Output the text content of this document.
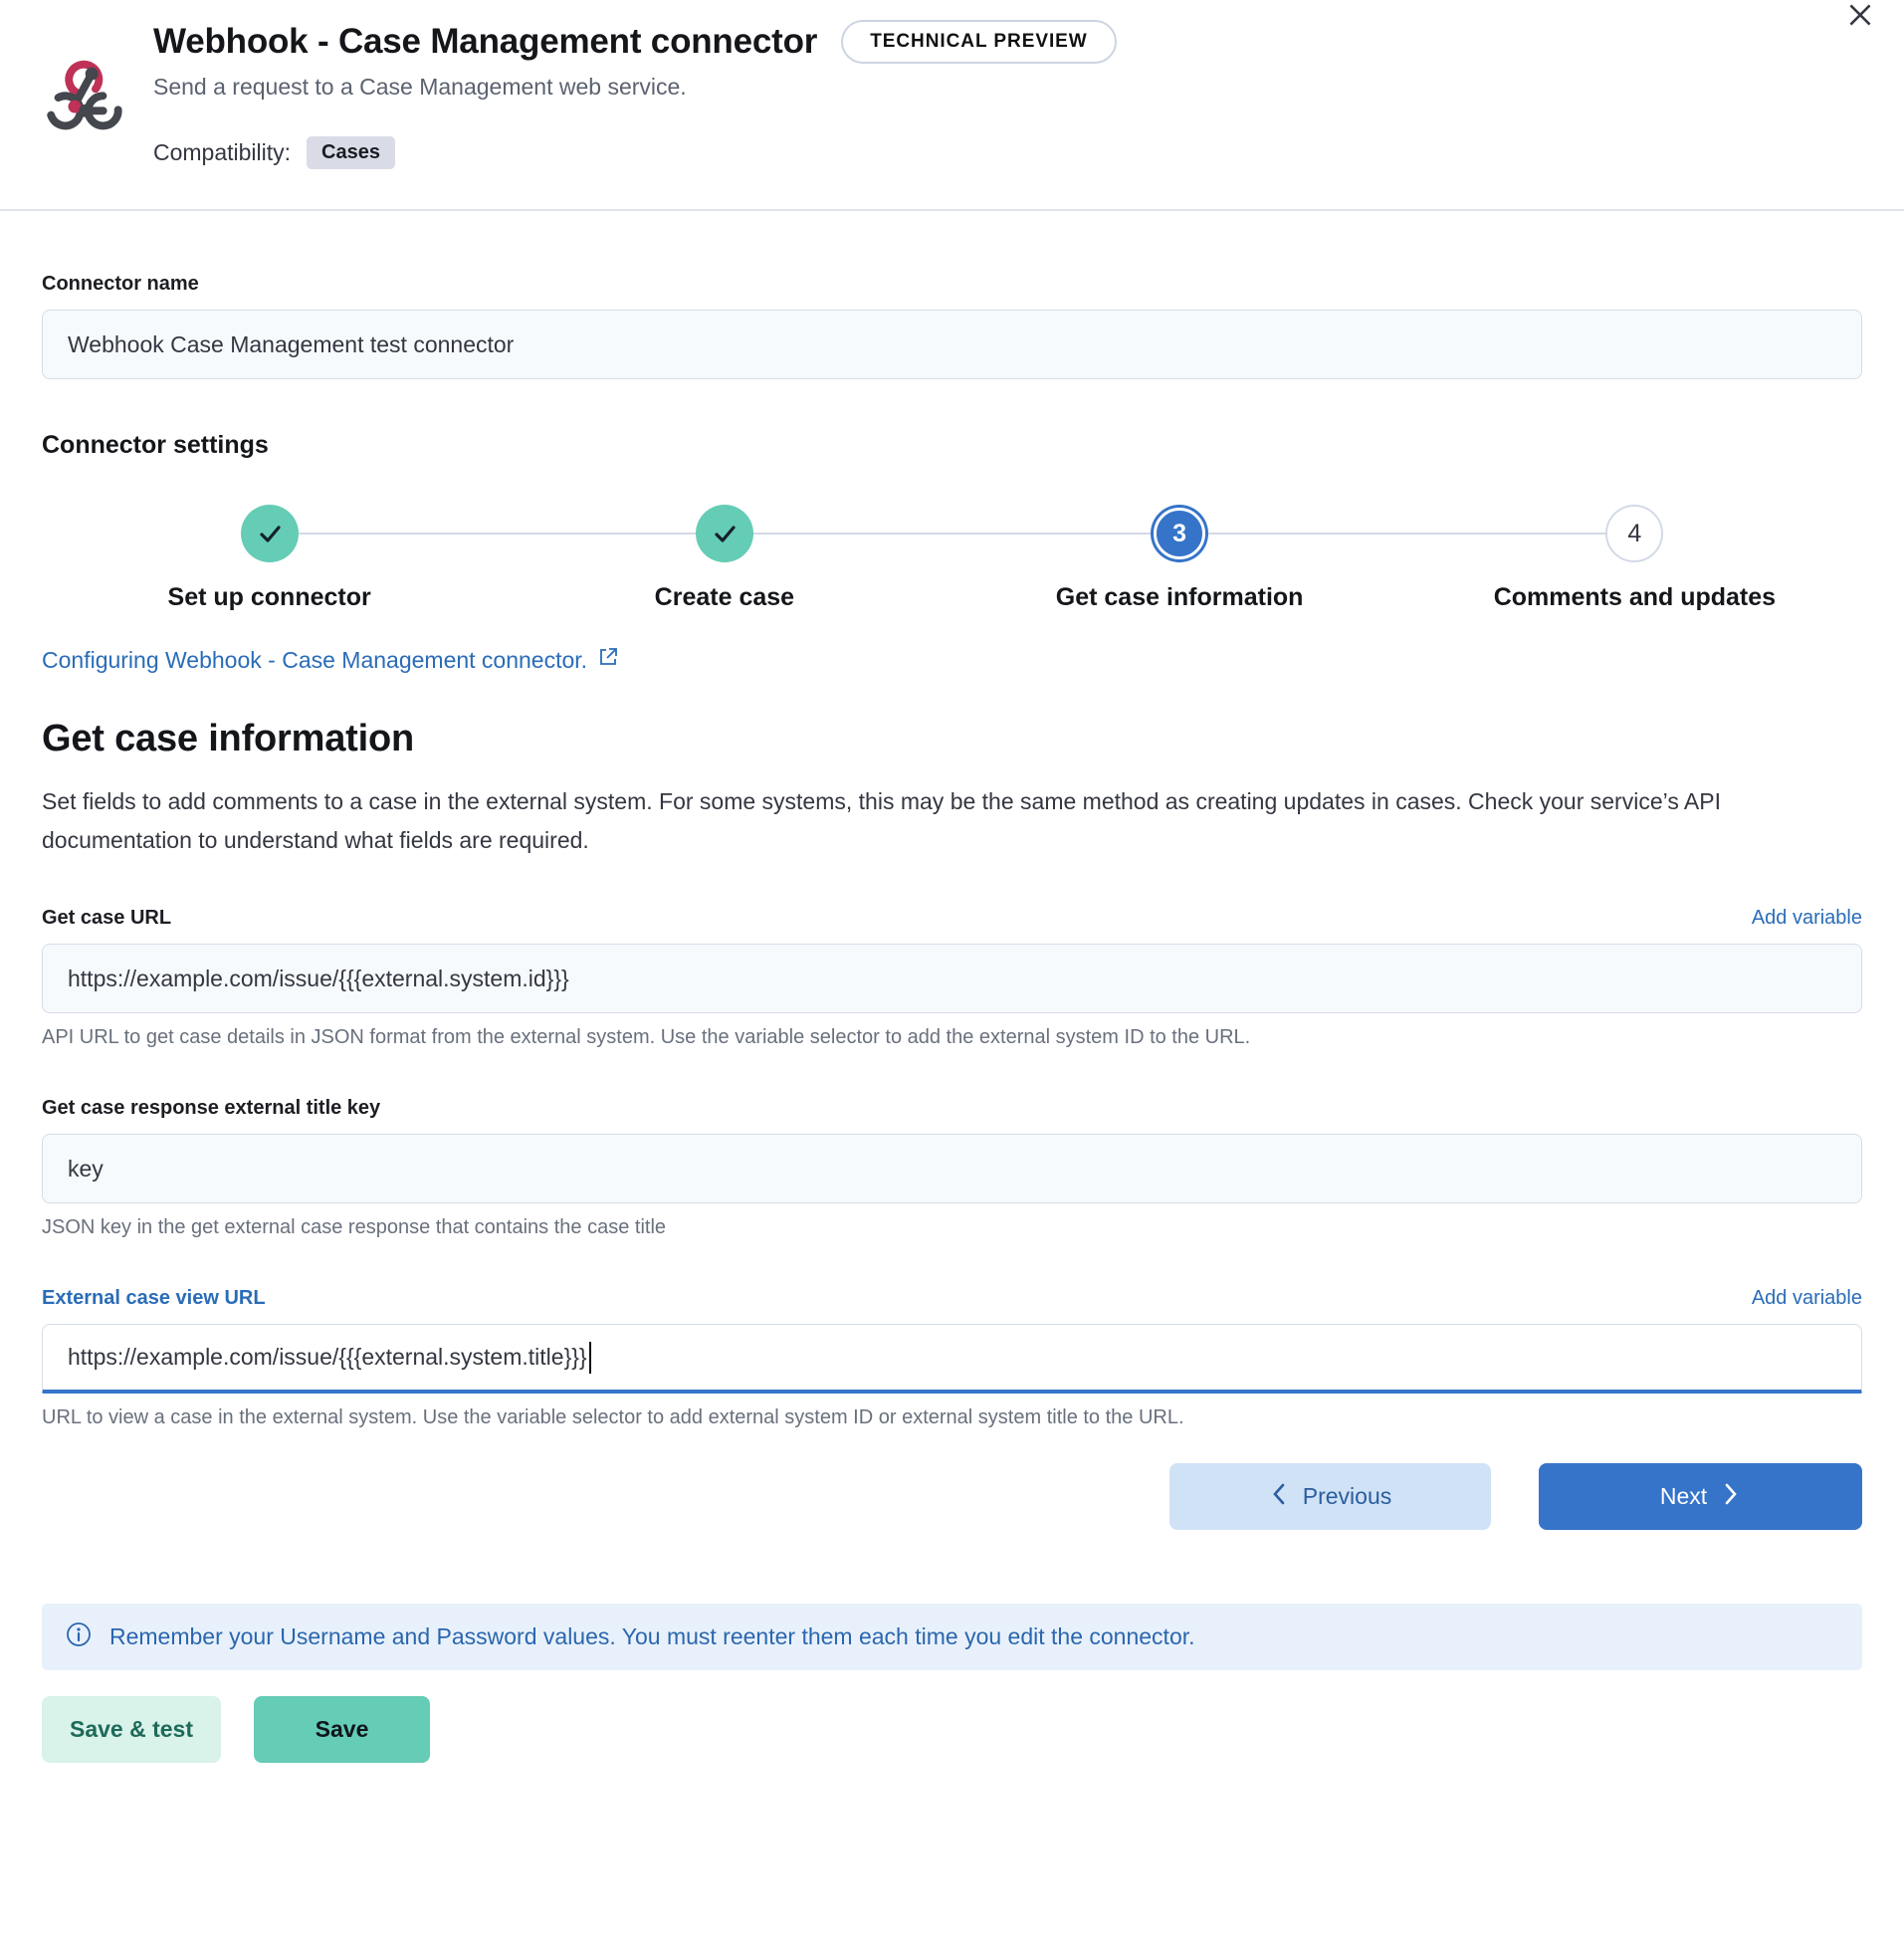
Webhook - Case Management connector	TECHNICAL PREVIEW
Send a request to a Case Management web service.
Compatibility:	Cases
Connector name
Webhook Case Management test connector
Connector settings
Set up connector	Create case
3
Get case information
4
Comments and updates
Configuring Webhook - Case Management connector.
Get case information

Set fields to add comments to a case in the external system. For some systems, this may be the same method as creating updates in cases. Check your service’s API documentation to understand what fields are required.

Get case URL	Add variable
https://example.com/issue/{{{external.system.id}}}
API URL to get case details in JSON format from the external system. Use the variable selector to add the external system ID to the URL.
Get case response external title key
key
JSON key in the get external case response that contains the case title
External case view URL	Add variable
https://example.com/issue/{{{external.system.title}}}
URL to view a case in the external system. Use the variable selector to add external system ID or external system title to the URL.
Previous	Next
Remember your Username and Password values. You must reenter them each time you edit the connector.
Save & test	Save
